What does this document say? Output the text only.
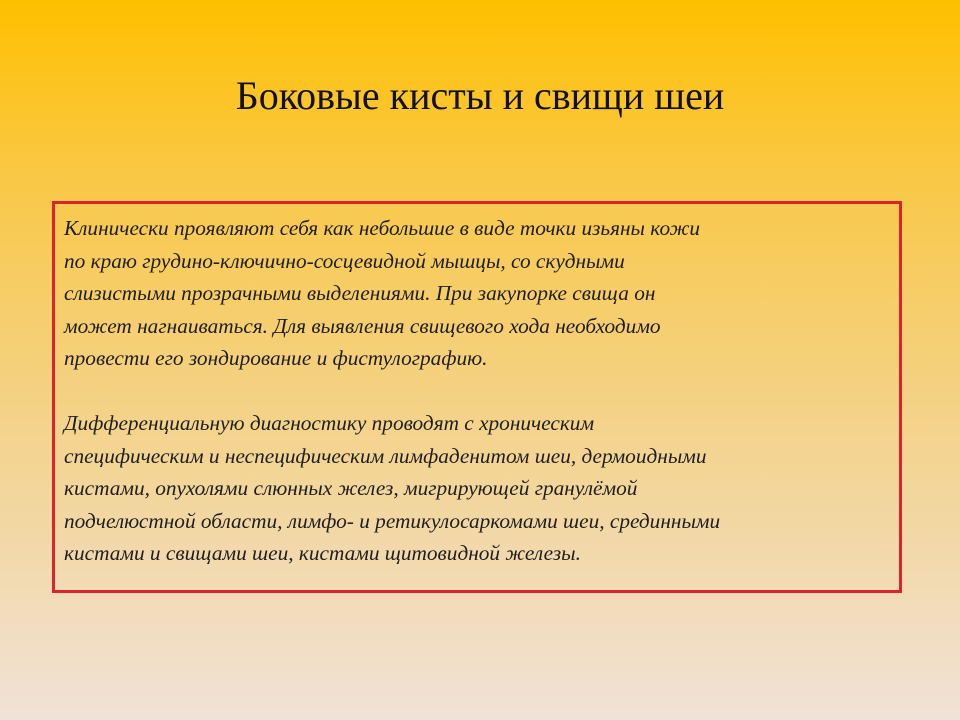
Боковые кисты и свищи шеи

Клинически проявляют себя как небольшие в виде точки изьяны кожи
по краю грудино-ключично-сосцевидной мышцы, со скудными
слизистыми прозрачными выделениями. При закупорке свища он
может нагнаиваться. Для выявления свищевого хода необходимо
провести его зондирование и фистулографию.

Дифференциальную диагностику проводят с хроническим
специфическим и неспецифическим лимфаденитом шеи, дермоидными
кистами, опухолями слюнных желез, мигрирующей гранулёмой
подчелюстной области, лимфо- и ретикулосаркомами шеи, срединными
кистами и свищами шеи, кистами щитовидной железы.
